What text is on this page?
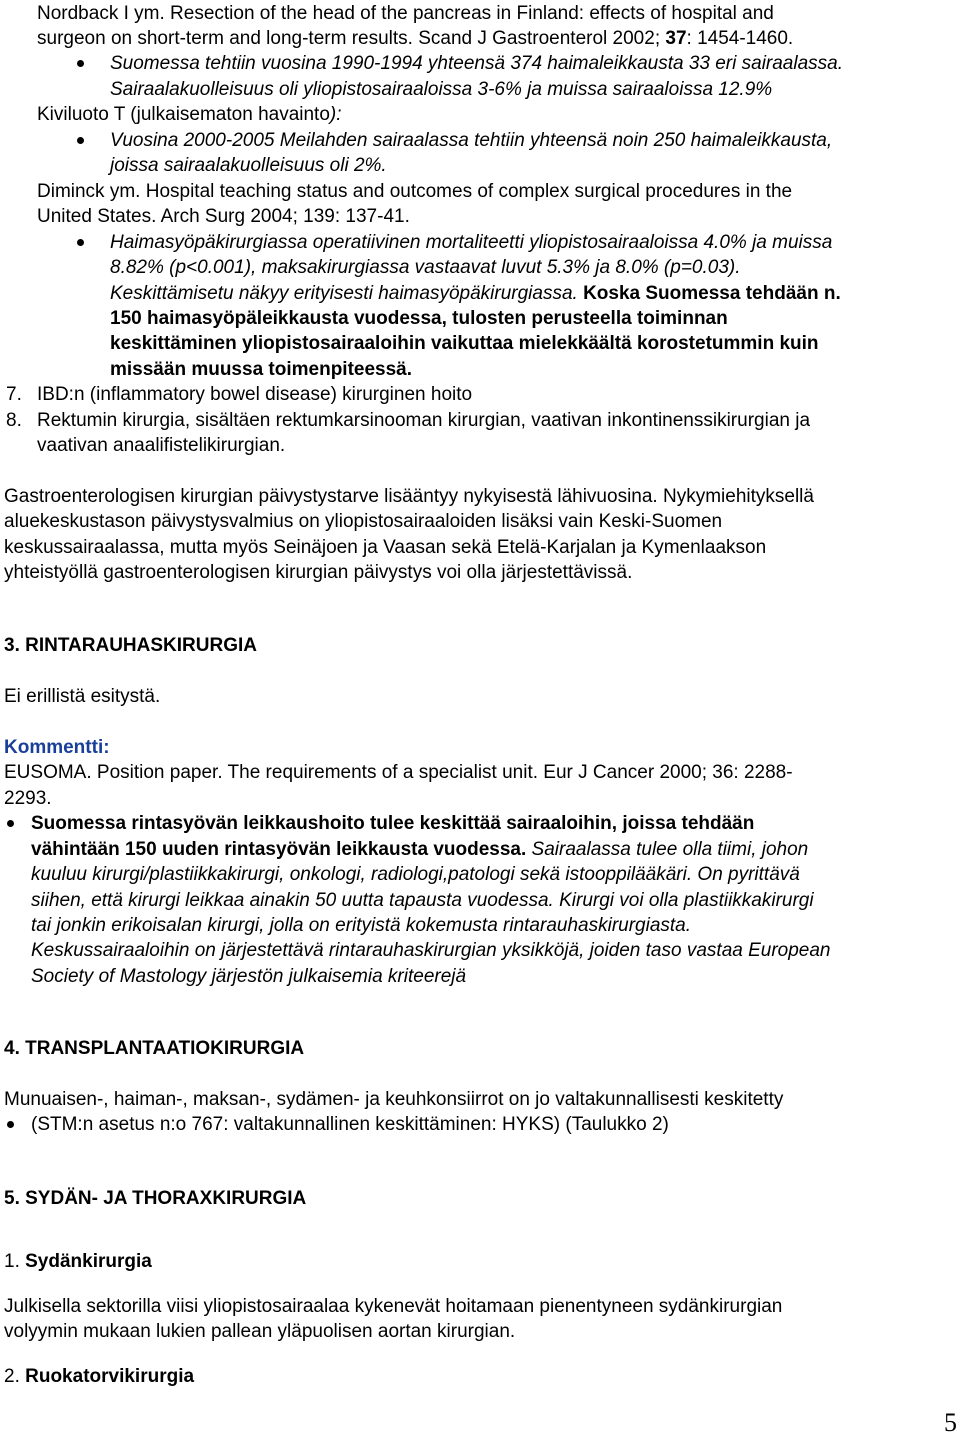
Nordback I ym. Resection of the head of the pancreas in Finland: effects of hospital and
surgeon on short-term and long-term results. Scand J Gastroenterol 2002; 37: 1454-1460.
Suomessa tehtiin vuosina 1990-1994 yhteensä 374 haimaleikkausta 33 eri sairaalassa.
Sairaalakuolleisuus oli yliopistosairaaloissa 3-6% ja muissa sairaaloissa 12.9%
Kiviluoto T (julkaisematon havainto):
Vuosina 2000-2005 Meilahden sairaalassa tehtiin yhteensä noin 250 haimaleikkausta,
joissa sairaalakuolleisuus oli 2%.
Diminck ym. Hospital teaching status and outcomes of complex surgical procedures in the
United States. Arch Surg 2004; 139: 137-41.
Haimasyöpäkirurgiassa operatiivinen mortaliteetti yliopistosairaaloissa 4.0% ja muissa
8.82% (p<0.001), maksakirurgiassa vastaavat luvut 5.3% ja 8.0% (p=0.03).
Keskittämisetu näkyy erityisesti haimasyöpäkirurgiassa. Koska Suomessa tehdään n.
150 haimasyöpäleikkausta vuodessa, tulosten perusteella toiminnan
keskittäminen yliopistosairaaloihin vaikuttaa mielekkäältä korostetummin kuin
missään muussa toimenpiteessä.
7. IBD:n (inflammatory bowel disease) kirurginen hoito
8. Rektumin kirurgia, sisältäen rektumkarsinooman kirurgian, vaativan inkontinenssikirurgian ja
vaativan anaalifistelikirurgian.
Gastroenterologisen kirurgian päivystystarve lisääntyy nykyisestä lähivuosina. Nykymiehityksellä
aluekeskustason päivystysvalmius on yliopistosairaaloiden lisäksi vain Keski-Suomen
keskussairaalassa, mutta myös Seinäjoen ja Vaasan sekä Etelä-Karjalan ja Kymenlaakson
yhteistyöllä gastroenterologisen kirurgian päivystys voi olla järjestettävissä.
3. RINTARAUHASKIRURGIA
Ei erillistä esitystä.
Kommentti:
EUSOMA. Position paper. The requirements of a specialist unit. Eur J Cancer 2000; 36: 2288-
2293.
Suomessa rintasyövän leikkaushoito tulee keskittää sairaaloihin, joissa tehdään
vähintään 150 uuden rintasyövän leikkausta vuodessa. Sairaalassa tulee olla tiimi, johon
kuuluu kirurgi/plastiikkakirurgi, onkologi, radiologi,patologi sekä istooppilääkäri. On pyrittävä
siihen, että kirurgi leikkaa ainakin 50 uutta tapausta vuodessa. Kirurgi voi olla plastiikkakirurgi
tai jonkin erikoisalan kirurgi, jolla on erityistä kokemusta rintarauhaskirurgiasta.
Keskussairaaloihin on järjestettävä rintarauhaskirurgian yksikköjä, joiden taso vastaa European
Society of Mastology järjestön julkaisemia kriteerejä
4. TRANSPLANTAATIOKIRURGIA
Munuaisen-, haiman-, maksan-, sydämen- ja keuhkonsiirrot on jo valtakunnallisesti keskitetty
(STM:n asetus n:o 767: valtakunnallinen keskittäminen: HYKS) (Taulukko 2)
5. SYDÄN- JA THORAXKIRURGIA
1. Sydänkirurgia
Julkisella sektorilla viisi yliopistosairaalaa kykenevät hoitamaan pienentyneen sydänkirurgian
volyymin mukaan lukien pallean yläpuolisen aortan kirurgian.
2. Ruokatorvikirurgia
5
